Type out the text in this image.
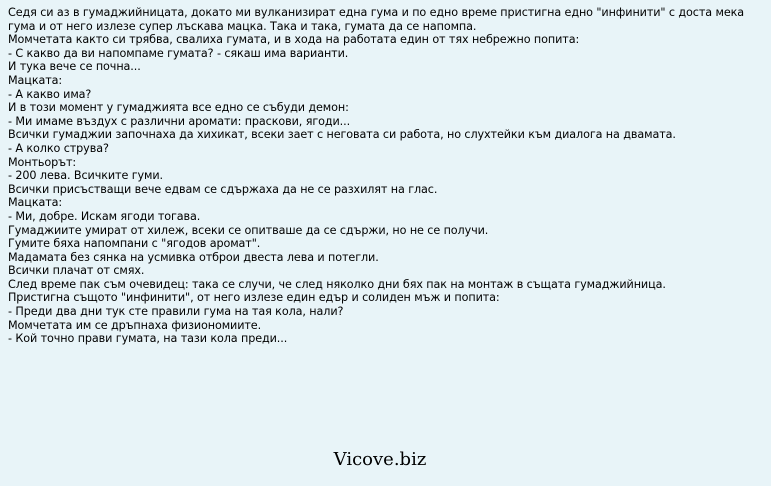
Седя си аз в гумаджийницата, докато ми вулканизират една гума и по едно време пристигна едно "инфинити" с доста мека гума и от него излезе супер лъскава мацка. Така и така, гумата да се напомпа.

Момчетата както си трябва, свалиха гумата, и в хода на работата един от тях небрежно попита:

- С какво да ви напомпаме гумата? - сякаш има варианти.

И тука вече се почна...

Мацката:

- А какво има?

И в този момент у гумаджията все едно се събуди демон:

- Ми имаме въздух с различни аромати: праскови, ягоди...

Всички гумаджии започнаха да хихикат, всеки зает с неговата си работа, но слухтейки към диалога на двамата.

- А колко струва?

Монтьорът:

- 200 лева. Всичките гуми.

Всички присъстващи вече едвам се сдържаха да не се разхилят на глас.

Мацката:

- Ми, добре. Искам ягоди тогава.

Гумаджиите умират от хилеж, всеки се опитваше да се сдържи, но не се получи.

Гумите бяха напомпани с "ягодов аромат".

Мадамата без сянка на усмивка отброи двеста лева и потегли.

Всички плачат от смях.

След време пак съм очевидец: така се случи, че след няколко дни бях пак на монтаж в същата гумаджийница.

Пристигна същото "инфинити", от него излезе един едър и солиден мъж и попита:

- Преди два дни тук сте правили гума на тая кола, нали?

Момчетата им се дръпнаха физиономиите.

- Кой точно прави гумата, на тази кола преди...

Vicove.biz
